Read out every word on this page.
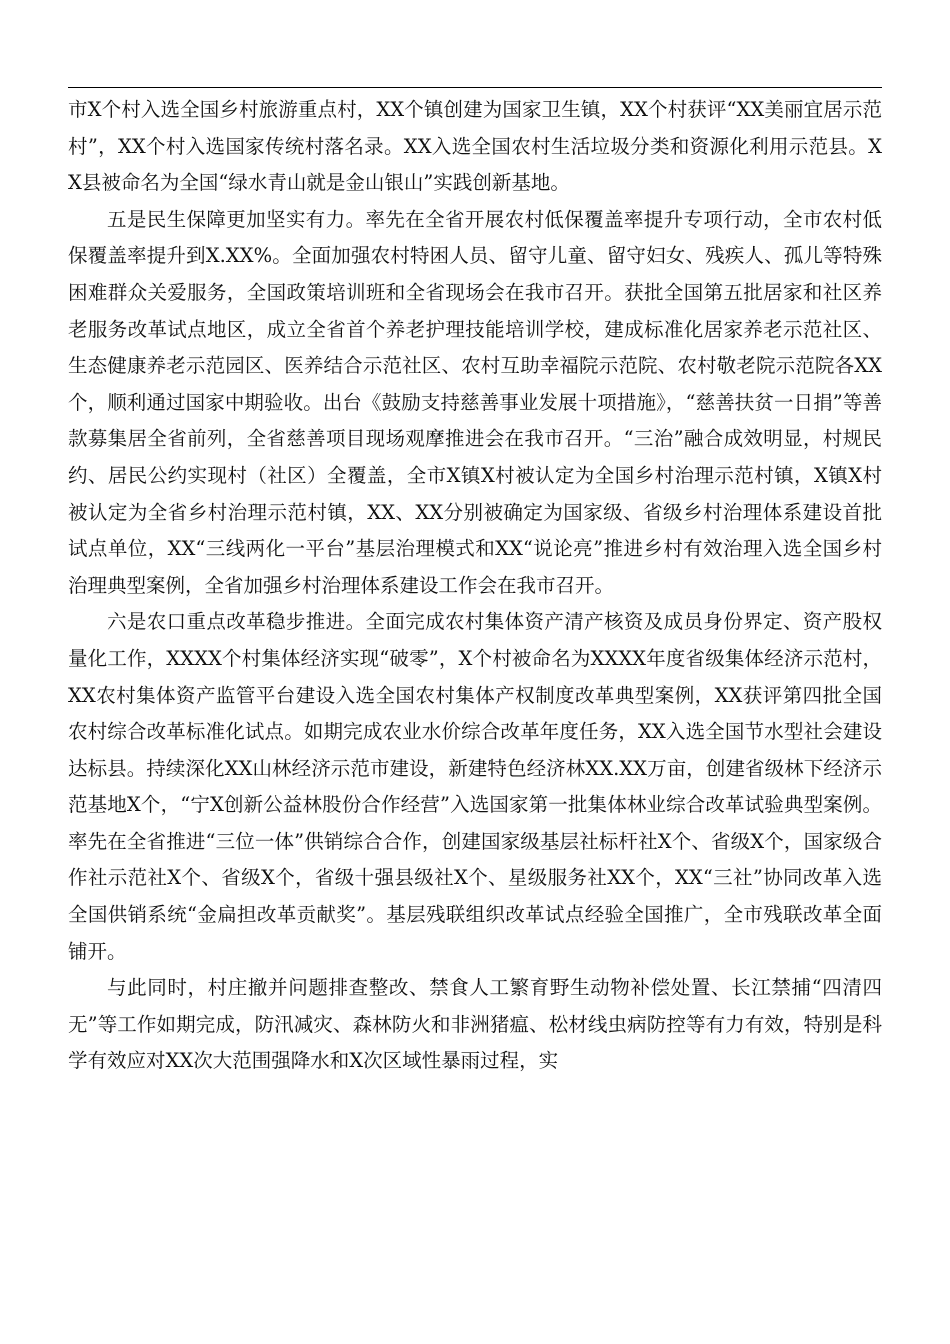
市X个村入选全国乡村旅游重点村，XX个镇创建为国家卫生镇，XX个村获评“XX美丽宜居示范村”，XX个村入选国家传统村落名录。XX入选全国农村生活垃圾分类和资源化利用示范县。XX县被命名为全国“绿水青山就是金山银山”实践创新基地。

五是民生保障更加坚实有力。率先在全省开展农村低保覆盖率提升专项行动，全市农村低保覆盖率提升到X.XX%。全面加强农村特困人员、留守儿童、留守妇女、残疾人、孤儿等特殊困难群众关爱服务，全国政策培训班和全省现场会在我市召开。获批全国第五批居家和社区养老服务改革试点地区，成立全省首个养老护理技能培训学校，建成标准化居家养老示范社区、生态健康养老示范园区、医养结合示范社区、农村互助幸福院示范院、农村敬老院示范院各XX个，顺利通过国家中期验收。出台《鼓励支持慈善事业发展十项措施》，“慈善扶贫一日捐”等善款募集居全省前列，全省慈善项目现场观摩推进会在我市召开。“三治”融合成效明显，村规民约、居民公约实现村（社区）全覆盖，全市X镇X村被认定为全国乡村治理示范村镇，X镇X村被认定为全省乡村治理示范村镇，XX、XX分别被确定为国家级、省级乡村治理体系建设首批试点单位，XX“三线两化一平台”基层治理模式和XX“说论亮”推进乡村有效治理入选全国乡村治理典型案例，全省加强乡村治理体系建设工作会在我市召开。

六是农口重点改革稳步推进。全面完成农村集体资产清产核资及成员身份界定、资产股权量化工作，XXXX个村集体经济实现“破零”，X个村被命名为XXXX年度省级集体经济示范村，XX农村集体资产监管平台建设入选全国农村集体产权制度改革典型案例，XX获评第四批全国农村综合改革标准化试点。如期完成农业水价综合改革年度任务，XX入选全国节水型社会建设达标县。持续深化XX山林经济示范市建设，新建特色经济林XX.XX万亩，创建省级林下经济示范基地X个，“宁X创新公益林股份合作经营”入选国家第一批集体林业综合改革试验典型案例。率先在全省推进“三位一体”供销综合合作，创建国家级基层社标杆社X个、省级X个，国家级合作社示范社X个、省级X个，省级十强县级社X个、星级服务社XX个，XX“三社”协同改革入选全国供销系统“金扁担改革贡献奖”。基层残联组织改革试点经验全国推广，全市残联改革全面铺开。

与此同时，村庄撤并问题排查整改、禁食人工繁育野生动物补偿处置、长江禁捕“四清四无”等工作如期完成，防汛减灾、森林防火和非洲猪瘟、松材线虫病防控等有力有效，特别是科学有效应对XX次大范围强降水和X次区域性暴雨过程，实
